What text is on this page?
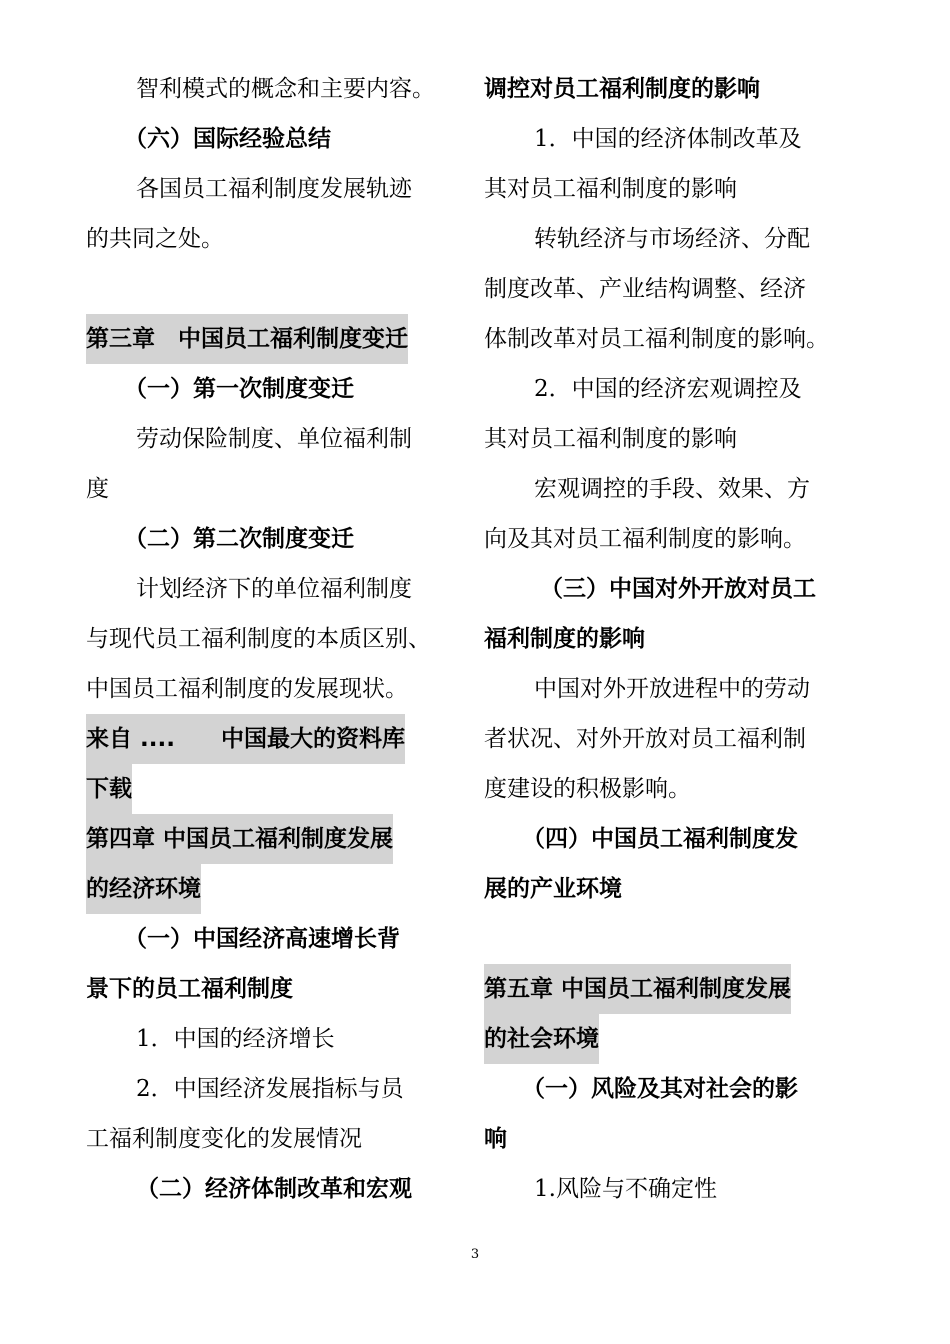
智利模式的概念和主要内容。
（六）国际经验总结
各国员工福利制度发展轨迹
的共同之处。
第三章　中国员工福利制度变迁
（一）第一次制度变迁
劳动保险制度、单位福利制
度
（二）第二次制度变迁
计划经济下的单位福利制度
与现代员工福利制度的本质区别、
中国员工福利制度的发展现状。
来自 ....　　中国最大的资料库
下载
第四章 中国员工福利制度发展
的经济环境
（一）中国经济高速增长背
景下的员工福利制度
1．中国的经济增长
2．中国经济发展指标与员
工福利制度变化的发展情况
（二）经济体制改革和宏观
调控对员工福利制度的影响
1．中国的经济体制改革及
其对员工福利制度的影响
转轨经济与市场经济、分配
制度改革、产业结构调整、经济
体制改革对员工福利制度的影响。
2．中国的经济宏观调控及
其对员工福利制度的影响
宏观调控的手段、效果、方
向及其对员工福利制度的影响。
（三）中国对外开放对员工
福利制度的影响
中国对外开放进程中的劳动
者状况、对外开放对员工福利制
度建设的积极影响。
（四）中国员工福利制度发
展的产业环境
第五章 中国员工福利制度发展
的社会环境
（一）风险及其对社会的影
响
1.风险与不确定性
3
